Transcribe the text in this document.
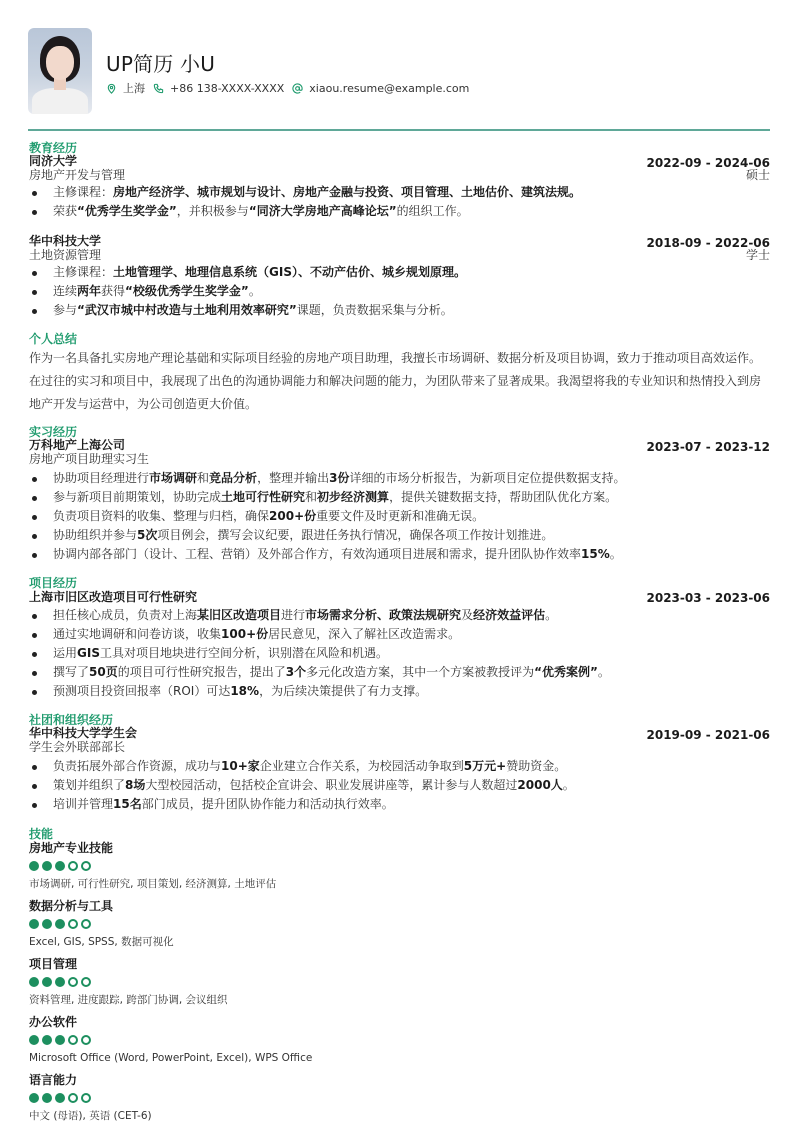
UP简历 小U
上海 +86 138-XXXX-XXXX xiaou.resume@example.com
教育经历
同济大学
房地产开发与管理
2022-09 - 2024-06
硕士
主修课程：房地产经济学、城市规划与设计、房地产金融与投资、项目管理、土地估价、建筑法规。
荣获“优秀学生奖学金”，并积极参与“同济大学房地产高峰论坛”的组织工作。
华中科技大学
土地资源管理
2018-09 - 2022-06
学士
主修课程：土地管理学、地理信息系统（GIS）、不动产估价、城乡规划原理。
连续两年获得“校级优秀学生奖学金”。
参与“武汉市城中村改造与土地利用效率研究”课题，负责数据采集与分析。
个人总结
作为一名具备扎实房地产理论基础和实际项目经验的房地产项目助理，我擅长市场调研、数据分析及项目协调，致力于推动项目高效运作。在过往的实习和项目中，我展现了出色的沟通协调能力和解决问题的能力，为团队带来了显著成果。我渴望将我的专业知识和热情投入到房地产开发与运营中，为公司创造更大价值。
实习经历
万科地产上海公司
房地产项目助理实习生
2023-07 - 2023-12
协助项目经理进行市场调研和竞品分析，整理并输出3份详细的市场分析报告，为新项目定位提供数据支持。
参与新项目前期策划，协助完成土地可行性研究和初步经济测算，提供关键数据支持，帮助团队优化方案。
负责项目资料的收集、整理与归档，确保200+份重要文件及时更新和准确无误。
协助组织并参与5次项目例会，撰写会议纪要，跟进任务执行情况，确保各项工作按计划推进。
协调内部各部门（设计、工程、营销）及外部合作方，有效沟通项目进展和需求，提升团队协作效率15%。
项目经历
上海市旧区改造项目可行性研究	2023-03 - 2023-06
担任核心成员，负责对上海某旧区改造项目进行市场需求分析、政策法规研究及经济效益评估。
通过实地调研和问卷访谈，收集100+份居民意见，深入了解社区改造需求。
运用GIS工具对项目地块进行空间分析，识别潜在风险和机遇。
撰写了50页的项目可行性研究报告，提出了3个多元化改造方案，其中一个方案被教授评为“优秀案例”。
预测项目投资回报率（ROI）可达18%，为后续决策提供了有力支撑。
社团和组织经历
华中科技大学学生会
学生会外联部部长
2019-09 - 2021-06
负责拓展外部合作资源，成功与10+家企业建立合作关系，为校园活动争取到5万元+赞助资金。
策划并组织了8场大型校园活动，包括校企宣讲会、职业发展讲座等，累计参与人数超过2000人。
培训并管理15名部门成员，提升团队协作能力和活动执行效率。
技能
房地产专业技能
市场调研, 可行性研究, 项目策划, 经济测算, 土地评估
数据分析与工具
Excel, GIS, SPSS, 数据可视化
项目管理
资料管理, 进度跟踪, 跨部门协调, 会议组织
办公软件
Microsoft Office (Word, PowerPoint, Excel), WPS Office
语言能力
中文 (母语), 英语 (CET-6)
